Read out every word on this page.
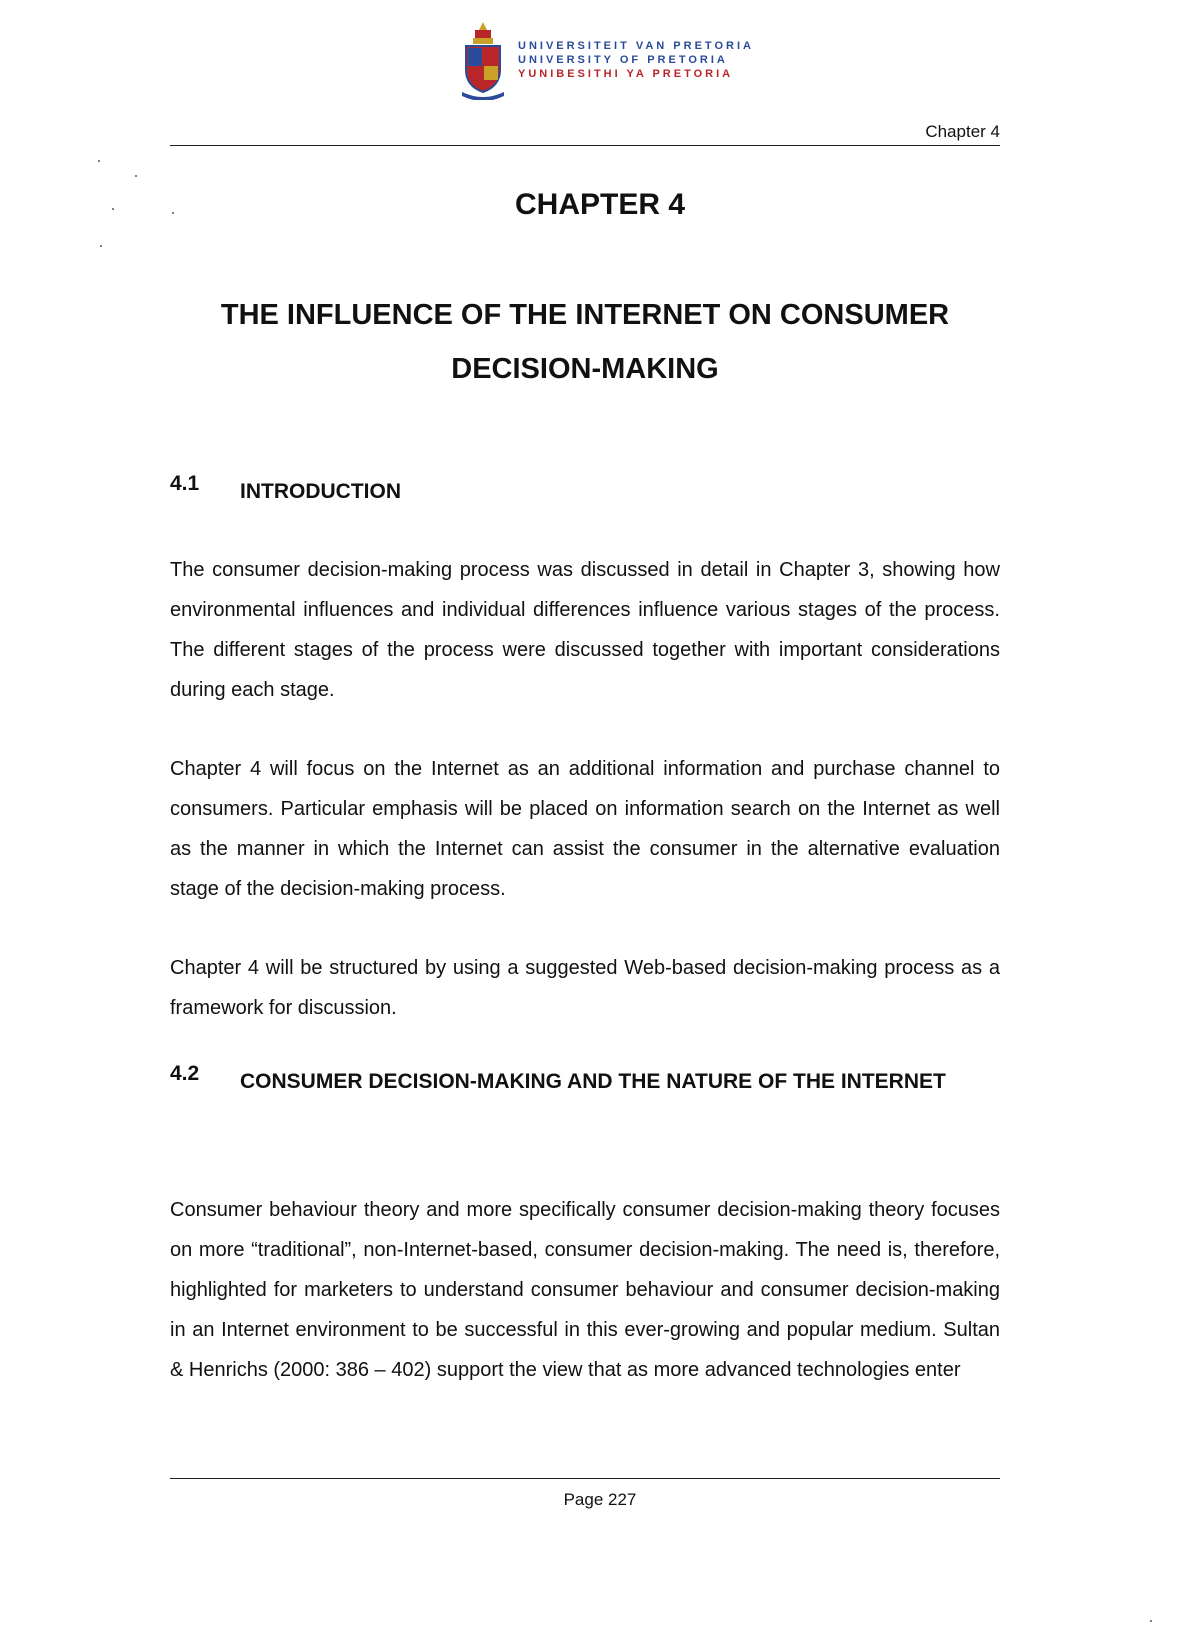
UNIVERSITEIT VAN PRETORIA
UNIVERSITY OF PRETORIA
YUNIBESITHI YA PRETORIA
Chapter 4
CHAPTER 4
THE INFLUENCE OF THE INTERNET ON CONSUMER DECISION-MAKING
4.1 INTRODUCTION

The consumer decision-making process was discussed in detail in Chapter 3, showing how environmental influences and individual differences influence various stages of the process. The different stages of the process were discussed together with important considerations during each stage.

Chapter 4 will focus on the Internet as an additional information and purchase channel to consumers. Particular emphasis will be placed on information search on the Internet as well as the manner in which the Internet can assist the consumer in the alternative evaluation stage of the decision-making process.

Chapter 4 will be structured by using a suggested Web-based decision-making process as a framework for discussion.

4.2 CONSUMER DECISION-MAKING AND THE NATURE OF THE INTERNET

Consumer behaviour theory and more specifically consumer decision-making theory focuses on more “traditional”, non-Internet-based, consumer decision-making. The need is, therefore, highlighted for marketers to understand consumer behaviour and consumer decision-making in an Internet environment to be successful in this ever-growing and popular medium. Sultan & Henrichs (2000: 386 – 402) support the view that as more advanced technologies enter

Page 227
